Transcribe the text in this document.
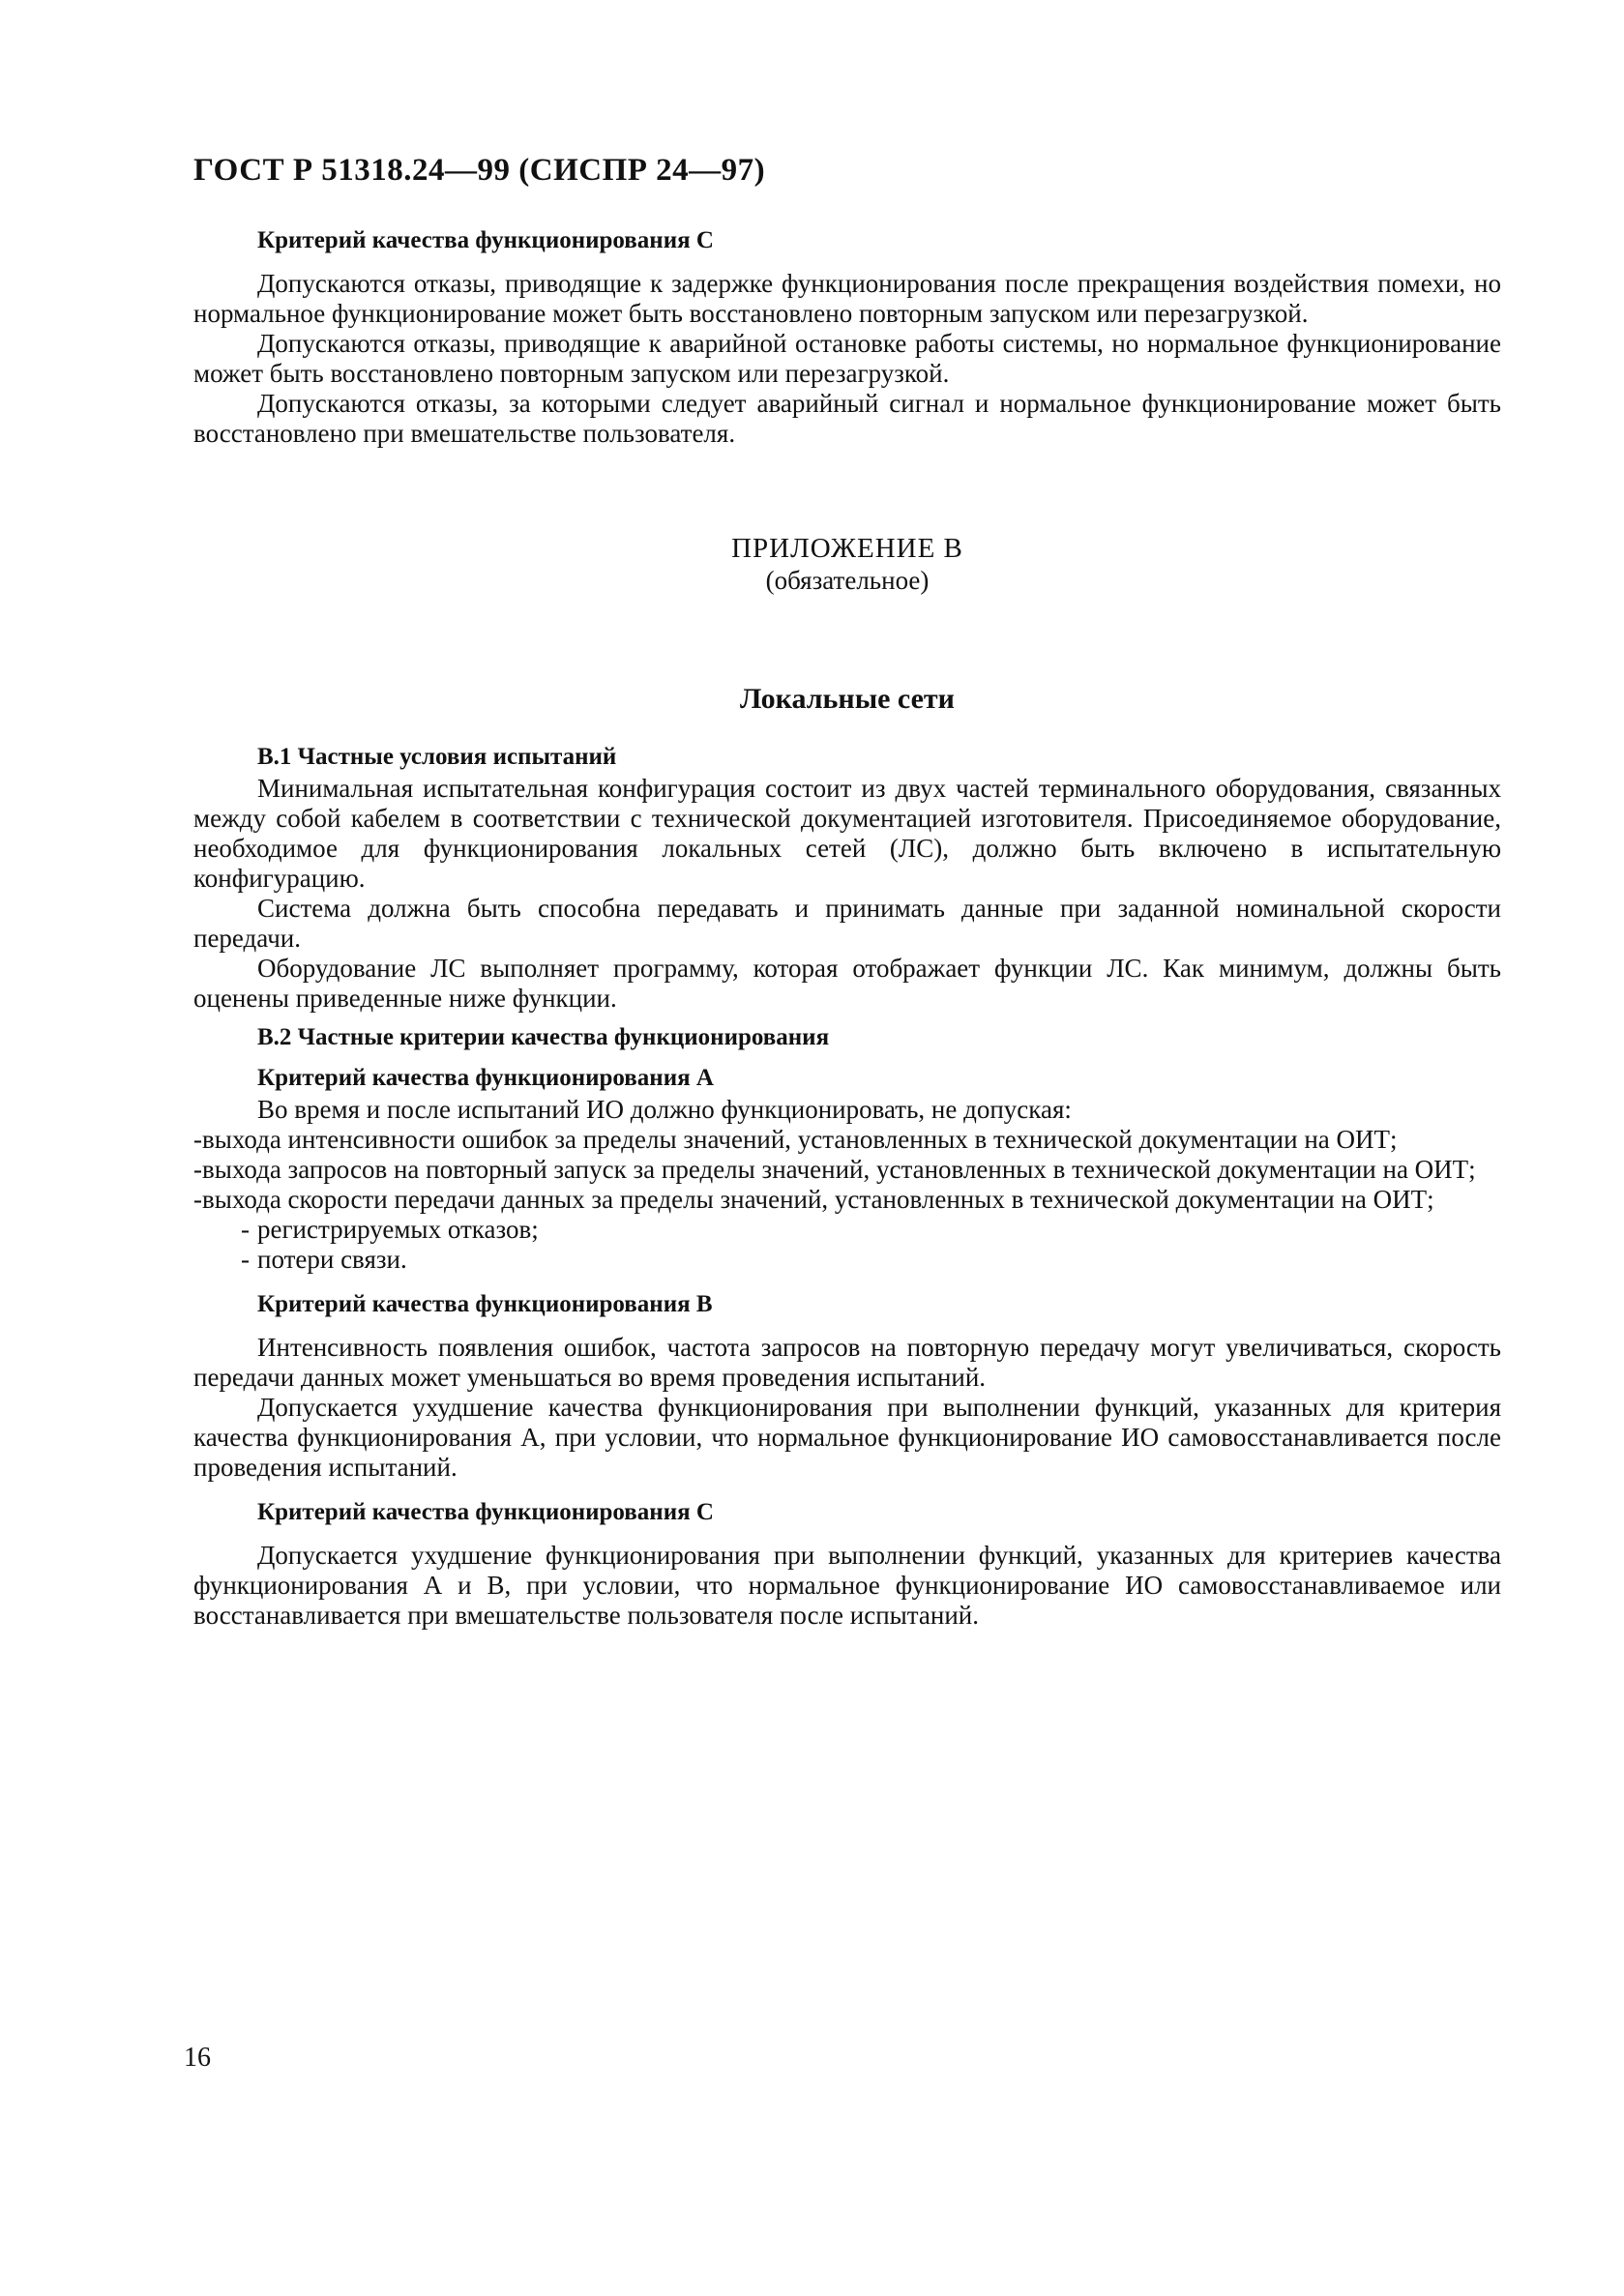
ГОСТ Р 51318.24—99 (СИСПР 24—97)

Критерий качества функционирования С

Допускаются отказы, приводящие к задержке функционирования после прекращения воздействия помехи, но нормальное функционирование может быть восстановлено повторным запуском или перезагрузкой.

Допускаются отказы, приводящие к аварийной остановке работы системы, но нормальное функционирование может быть восстановлено повторным запуском или перезагрузкой.

Допускаются отказы, за которыми следует аварийный сигнал и нормальное функционирование может быть восстановлено при вмешательстве пользователя.

ПРИЛОЖЕНИЕ В
(обязательное)
Локальные сети

В.1 Частные условия испытаний

Минимальная испытательная конфигурация состоит из двух частей терминального оборудования, связанных между собой кабелем в соответствии с технической документацией изготовителя. Присоединяемое оборудование, необходимое для функционирования локальных сетей (ЛС), должно быть включено в испытательную конфигурацию.

Система должна быть способна передавать и принимать данные при заданной номинальной скорости передачи.

Оборудование ЛС выполняет программу, которая отображает функции ЛС. Как минимум, должны быть оценены приведенные ниже функции.

В.2 Частные критерии качества функционирования

Критерий качества функционирования А

Во время и после испытаний ИО должно функционировать, не допуская:

-выхода интенсивности ошибок за пределы значений, установленных в технической документации на ОИТ;

-выхода запросов на повторный запуск за пределы значений, установленных в технической документации на ОИТ;

-выхода скорости передачи данных за пределы значений, установленных в технической документации на ОИТ;

- регистрируемых отказов;

- потери связи.

Критерий качества функционирования В

Интенсивность появления ошибок, частота запросов на повторную передачу могут увеличиваться, скорость передачи данных может уменьшаться во время проведения испытаний.

Допускается ухудшение качества функционирования при выполнении функций, указанных для критерия качества функционирования А, при условии, что нормальное функционирование ИО самовосстанавливается после проведения испытаний.

Критерий качества функционирования С

Допускается ухудшение функционирования при выполнении функций, указанных для критериев качества функционирования А и В, при условии, что нормальное функционирование ИО самовосстанавливаемое или восстанавливается при вмешательстве пользователя после испытаний.

16
